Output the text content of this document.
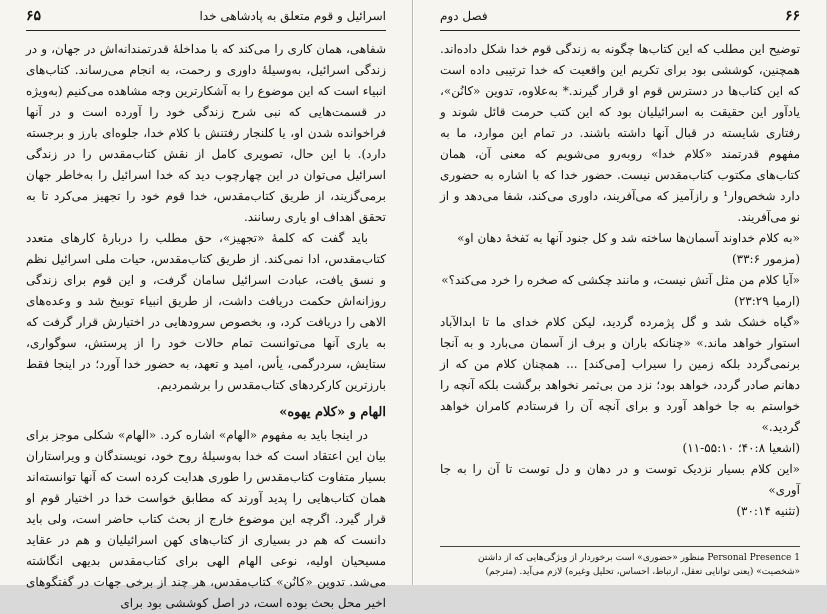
۶۵	اسرائیل و قوم متعلق به پادشاهی خدا

شفاهی، همان کاری را می‌کند که با مداخلهٔ قدرتمندانه‌اش در جهان، و در زندگی اسرائیل، به‌وسیلهٔ داوری و رحمت، به انجام می‌رساند. کتاب‌های انبیاء است که این موضوع را به آشکارترین وجه مشاهده می‌کنیم (به‌ویژه در قسمت‌هایی که نبی شرح زندگی خود را آورده است و در آنها فراخوانده شدن او، یا کلنجار رفتنش با کلام خدا، جلوه‌ای بارز و برجسته دارد). با این حال، تصویری کامل از نقش کتاب‌مقدس را در زندگی اسرائیل می‌توان در این چهارچوب دید که خدا اسرائیل را به‌خاطر جهان برمی‌گزیند، از طریق کتاب‌مقدس، خدا قوم خود را تجهیز می‌کرد تا به تحقق اهداف او یاری رسانند.

باید گفت که کلمهٔ «تجهیز»، حق مطلب را دربارهٔ کارهای متعدد کتاب‌مقدس، ادا نمی‌کند. از طریق کتاب‌مقدس، حیات ملی اسرائیل نظم و نسق یافت، عبادت اسرائیل سامان گرفت، و این قوم برای زندگی روزانه‌اش حکمت دریافت داشت، از طریق انبیاء توبیخ شد و وعده‌های الاهی را دریافت کرد، و، بخصوص سرودهایی در اختیارش قرار گرفت که به یاری آنها می‌توانست تمام حالات خود را از پرستش، سوگواری، ستایش، سردرگمی، یأس، امید و تعهد، به حضور خدا آورد؛ در اینجا فقط بارزترین کارکردهای کتاب‌مقدس را برشمردیم.

الهام و «کلام یهوه»

در اینجا باید به مفهوم «الهام» اشاره کرد. «الهام» شکلی موجز برای بیان این اعتقاد است که خدا به‌وسیلهٔ روح خود، نویسندگان و ویراستاران بسیار متفاوت کتاب‌مقدس را طوری هدایت کرده است که آنها توانسته‌اند همان کتاب‌هایی را پدید آورند که مطابق خواست خدا در اختیار قوم او قرار گیرد. اگرچه این موضوع خارج از بحث کتاب حاضر است، ولی باید دانست که هم در بسیاری از کتاب‌های کهن اسرائیلیان و هم در عقاید مسیحیان اولیه، نوعی الهام الهی برای کتاب‌مقدس بدیهی انگاشته می‌شد. تدوین «کانُن» کتاب‌مقدس، هر چند از برخی جهات در گفتگوهای اخیر محل بحث بوده است، در اصل کوششی بود برای

فصل دوم	۶۶

توضیح این مطلب که این کتاب‌ها چگونه به زندگی قوم خدا شکل داده‌اند. همچنین، کوششی بود برای تکریم این واقعیت که خدا ترتیبی داده است که این کتاب‌ها در دسترس قوم او قرار گیرند.* به‌علاوه، تدوین «کانُن»، یادآور این حقیقت به اسرائیلیان بود که این کتب حرمت قائل شوند و رفتاری شایسته در قبال آنها داشته باشند. در تمام این موارد، ما به مفهوم قدرتمند «کلام خدا» روبه‌رو می‌شویم که معنی آن، همان کتاب‌های مکتوب کتاب‌مقدس نیست. حضور خدا که با اشاره به حضوری دارد شخص‌وار¹ و رازآمیز که می‌آفریند، داوری می‌کند، شفا می‌دهد و از نو می‌آفریند.

«به کلام خداوند آسمان‌ها ساخته شد و کل جنود آنها به نَفخهٔ دهان او»

(مزمور ۳۳:۶)

«آیا کلام من مثل آتش نیست، و مانند چکشی که صخره را خرد می‌کند؟»

(ارمیا ۲۳:۲۹)

«گیاه خشک شد و گل پژمرده گردید، لیکن کلام خدای ما تا ابدالآباد استوار خواهد ماند.» «چنانکه باران و برف از آسمان می‌بارد و به آنجا برنمی‌گردد بلکه زمین را سیراب [می‌کند] ... همچنان کلام من که از دهانم صادر گردد، خواهد بود؛ نزد من بی‌ثمر نخواهد برگشت بلکه آنچه را خواستم به جا خواهد آورد و برای آنچه آن را فرستادم کامران خواهد گردید.»

(اشعیا ۴۰:۸؛ ۵۵:۱۰-۱۱)

«این کلام بسیار نزدیک توست و در دهان و دل توست تا آن را به جا آوری»

(تثنیه ۳۰:۱۴)

1 Personal Presence منظور «حضوری» است برخوردار از ویژگی‌هایی که از داشتن «شخصیت» (یعنی توانایی تعقل، ارتباط، احساس، تحلیل وغیره) لازم می‌آید. (مترجم)
